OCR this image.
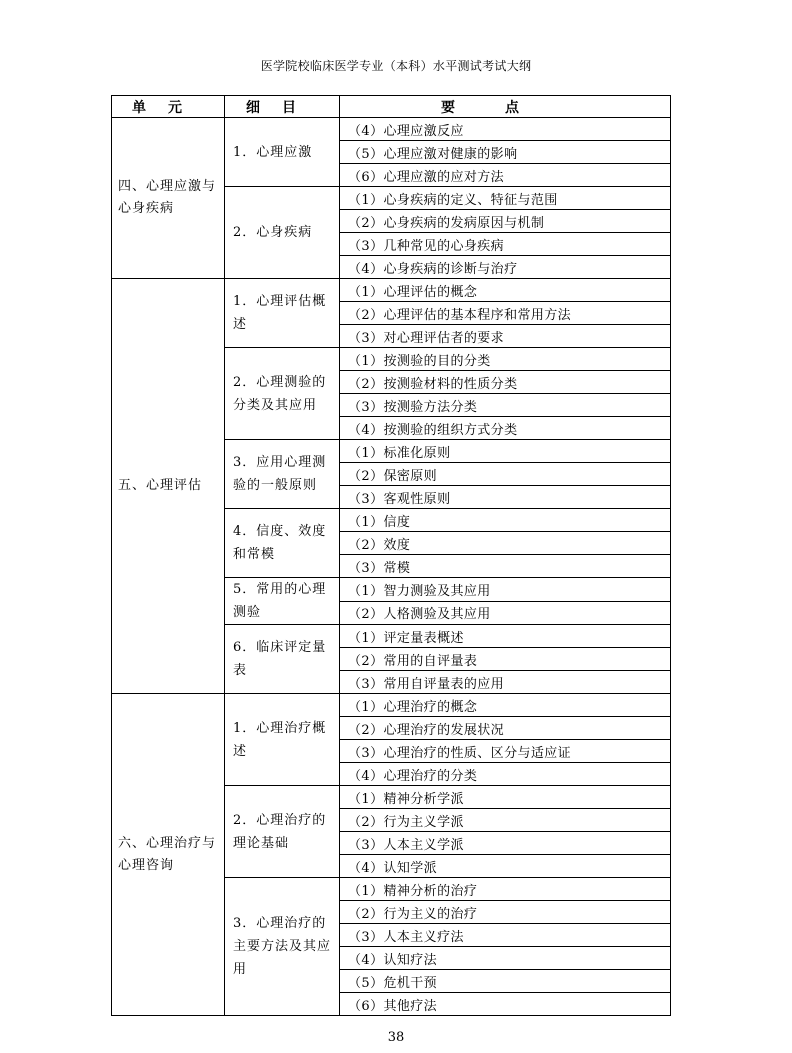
医学院校临床医学专业（本科）水平测试考试大纲
单元	细目	要点
四、心理应激与心身疾病	1．心理应激	（4）心理应激反应
		（5）心理应激对健康的影响
		（6）心理应激的应对方法
	2．心身疾病	（1）心身疾病的定义、特征与范围
		（2）心身疾病的发病原因与机制
		（3）几种常见的心身疾病
		（4）心身疾病的诊断与治疗
五、心理评估	1．心理评估概述	（1）心理评估的概念
		（2）心理评估的基本程序和常用方法
		（3）对心理评估者的要求
	2．心理测验的分类及其应用	（1）按测验的目的分类
		（2）按测验材料的性质分类
		（3）按测验方法分类
		（4）按测验的组织方式分类
	3．应用心理测验的一般原则	（1）标准化原则
		（2）保密原则
		（3）客观性原则
	4．信度、效度和常模	（1）信度
		（2）效度
		（3）常模
	5．常用的心理测验	（1）智力测验及其应用
		（2）人格测验及其应用
	6．临床评定量表	（1）评定量表概述
		（2）常用的自评量表
		（3）常用自评量表的应用
六、心理治疗与心理咨询	1．心理治疗概述	（1）心理治疗的概念
		（2）心理治疗的发展状况
		（3）心理治疗的性质、区分与适应证
		（4）心理治疗的分类
	2．心理治疗的理论基础	（1）精神分析学派
		（2）行为主义学派
		（3）人本主义学派
		（4）认知学派
	3．心理治疗的主要方法及其应用	（1）精神分析的治疗
		（2）行为主义的治疗
		（3）人本主义疗法
		（4）认知疗法
		（5）危机干预
		（6）其他疗法
38
